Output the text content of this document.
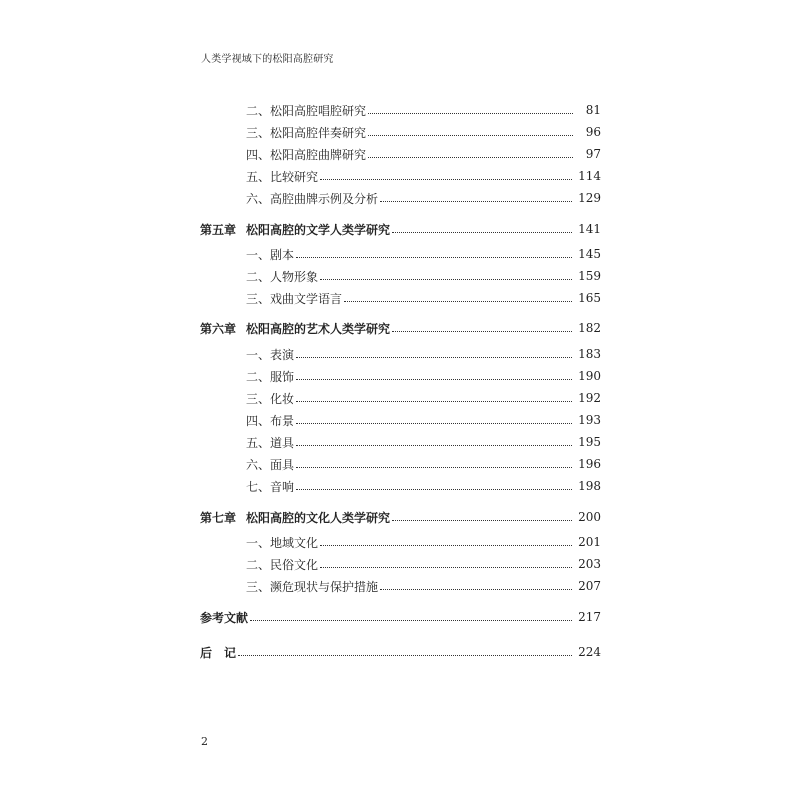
人类学视域下的松阳高腔研究
二、松阳高腔唱腔研究	81
三、松阳高腔伴奏研究	96
四、松阳高腔曲牌研究	97
五、比较研究	114
六、高腔曲牌示例及分析	129
第五章 松阳高腔的文学人类学研究	141
一、剧本	145
二、人物形象	159
三、戏曲文学语言	165
第六章 松阳高腔的艺术人类学研究	182
一、表演	183
二、服饰	190
三、化妆	192
四、布景	193
五、道具	195
六、面具	196
七、音响	198
第七章 松阳高腔的文化人类学研究	200
一、地域文化	201
二、民俗文化	203
三、濒危现状与保护措施	207
参考文献	217
后　记	224
2
